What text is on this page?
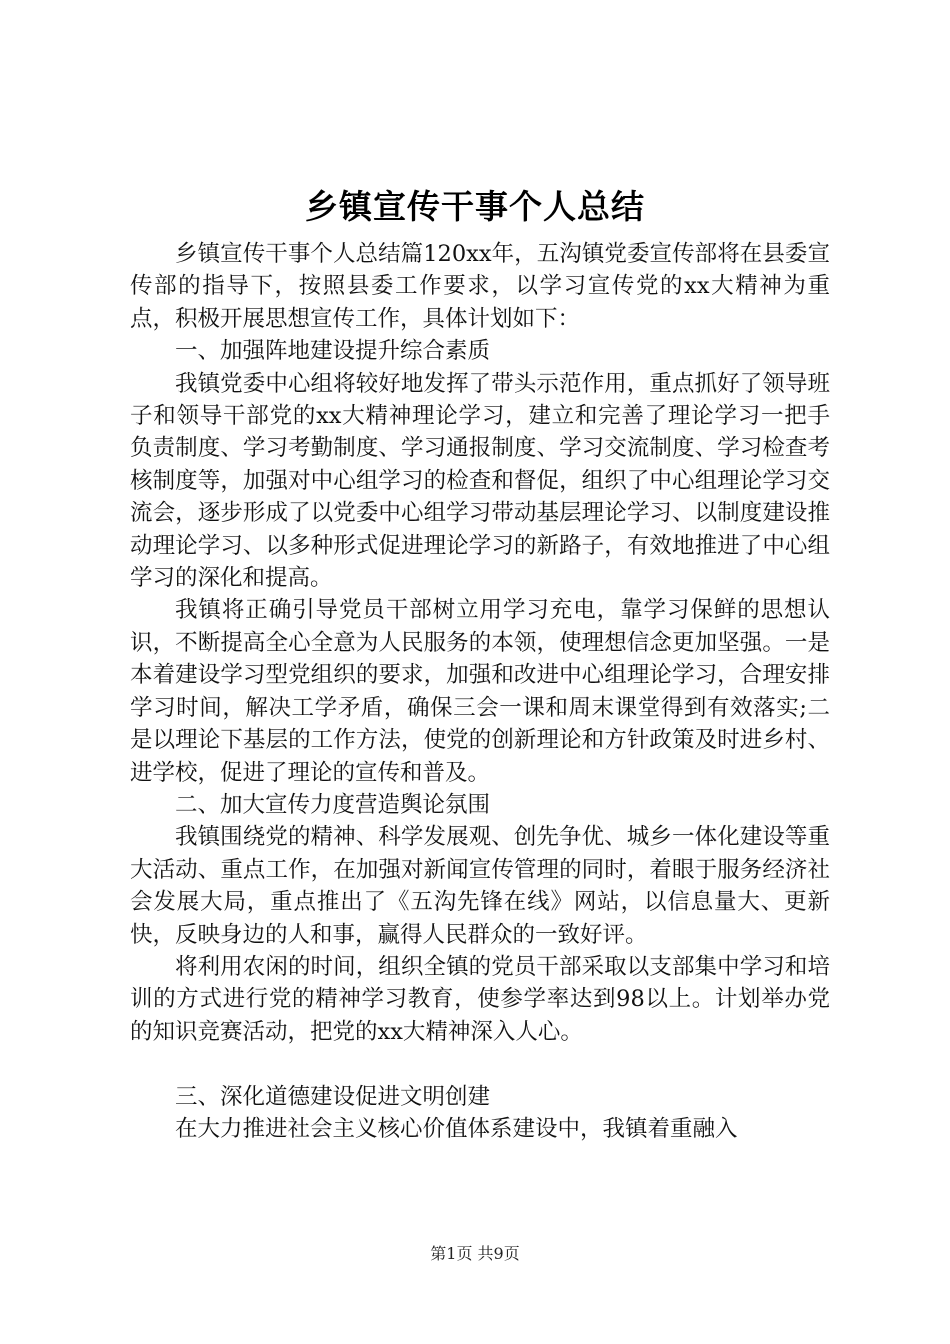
乡镇宣传干事个人总结

乡镇宣传干事个人总结篇120xx年，五沟镇党委宣传部将在县委宣传部的指导下，按照县委工作要求，以学习宣传党的xx大精神为重点，积极开展思想宣传工作，具体计划如下：

一、加强阵地建设提升综合素质

我镇党委中心组将较好地发挥了带头示范作用，重点抓好了领导班子和领导干部党的xx大精神理论学习，建立和完善了理论学习一把手负责制度、学习考勤制度、学习通报制度、学习交流制度、学习检查考核制度等，加强对中心组学习的检查和督促，组织了中心组理论学习交流会，逐步形成了以党委中心组学习带动基层理论学习、以制度建设推动理论学习、以多种形式促进理论学习的新路子，有效地推进了中心组学习的深化和提高。

我镇将正确引导党员干部树立用学习充电，靠学习保鲜的思想认识，不断提高全心全意为人民服务的本领，使理想信念更加坚强。一是本着建设学习型党组织的要求，加强和改进中心组理论学习，合理安排学习时间，解决工学矛盾，确保三会一课和周末课堂得到有效落实;二是以理论下基层的工作方法，使党的创新理论和方针政策及时进乡村、进学校，促进了理论的宣传和普及。

二、加大宣传力度营造舆论氛围

我镇围绕党的精神、科学发展观、创先争优、城乡一体化建设等重大活动、重点工作，在加强对新闻宣传管理的同时，着眼于服务经济社会发展大局，重点推出了《五沟先锋在线》网站，以信息量大、更新快，反映身边的人和事，赢得人民群众的一致好评。

将利用农闲的时间，组织全镇的党员干部采取以支部集中学习和培训的方式进行党的精神学习教育，使参学率达到98以上。计划举办党的知识竞赛活动，把党的xx大精神深入人心。

三、深化道德建设促进文明创建

在大力推进社会主义核心价值体系建设中，我镇着重融入

第1页 共9页
